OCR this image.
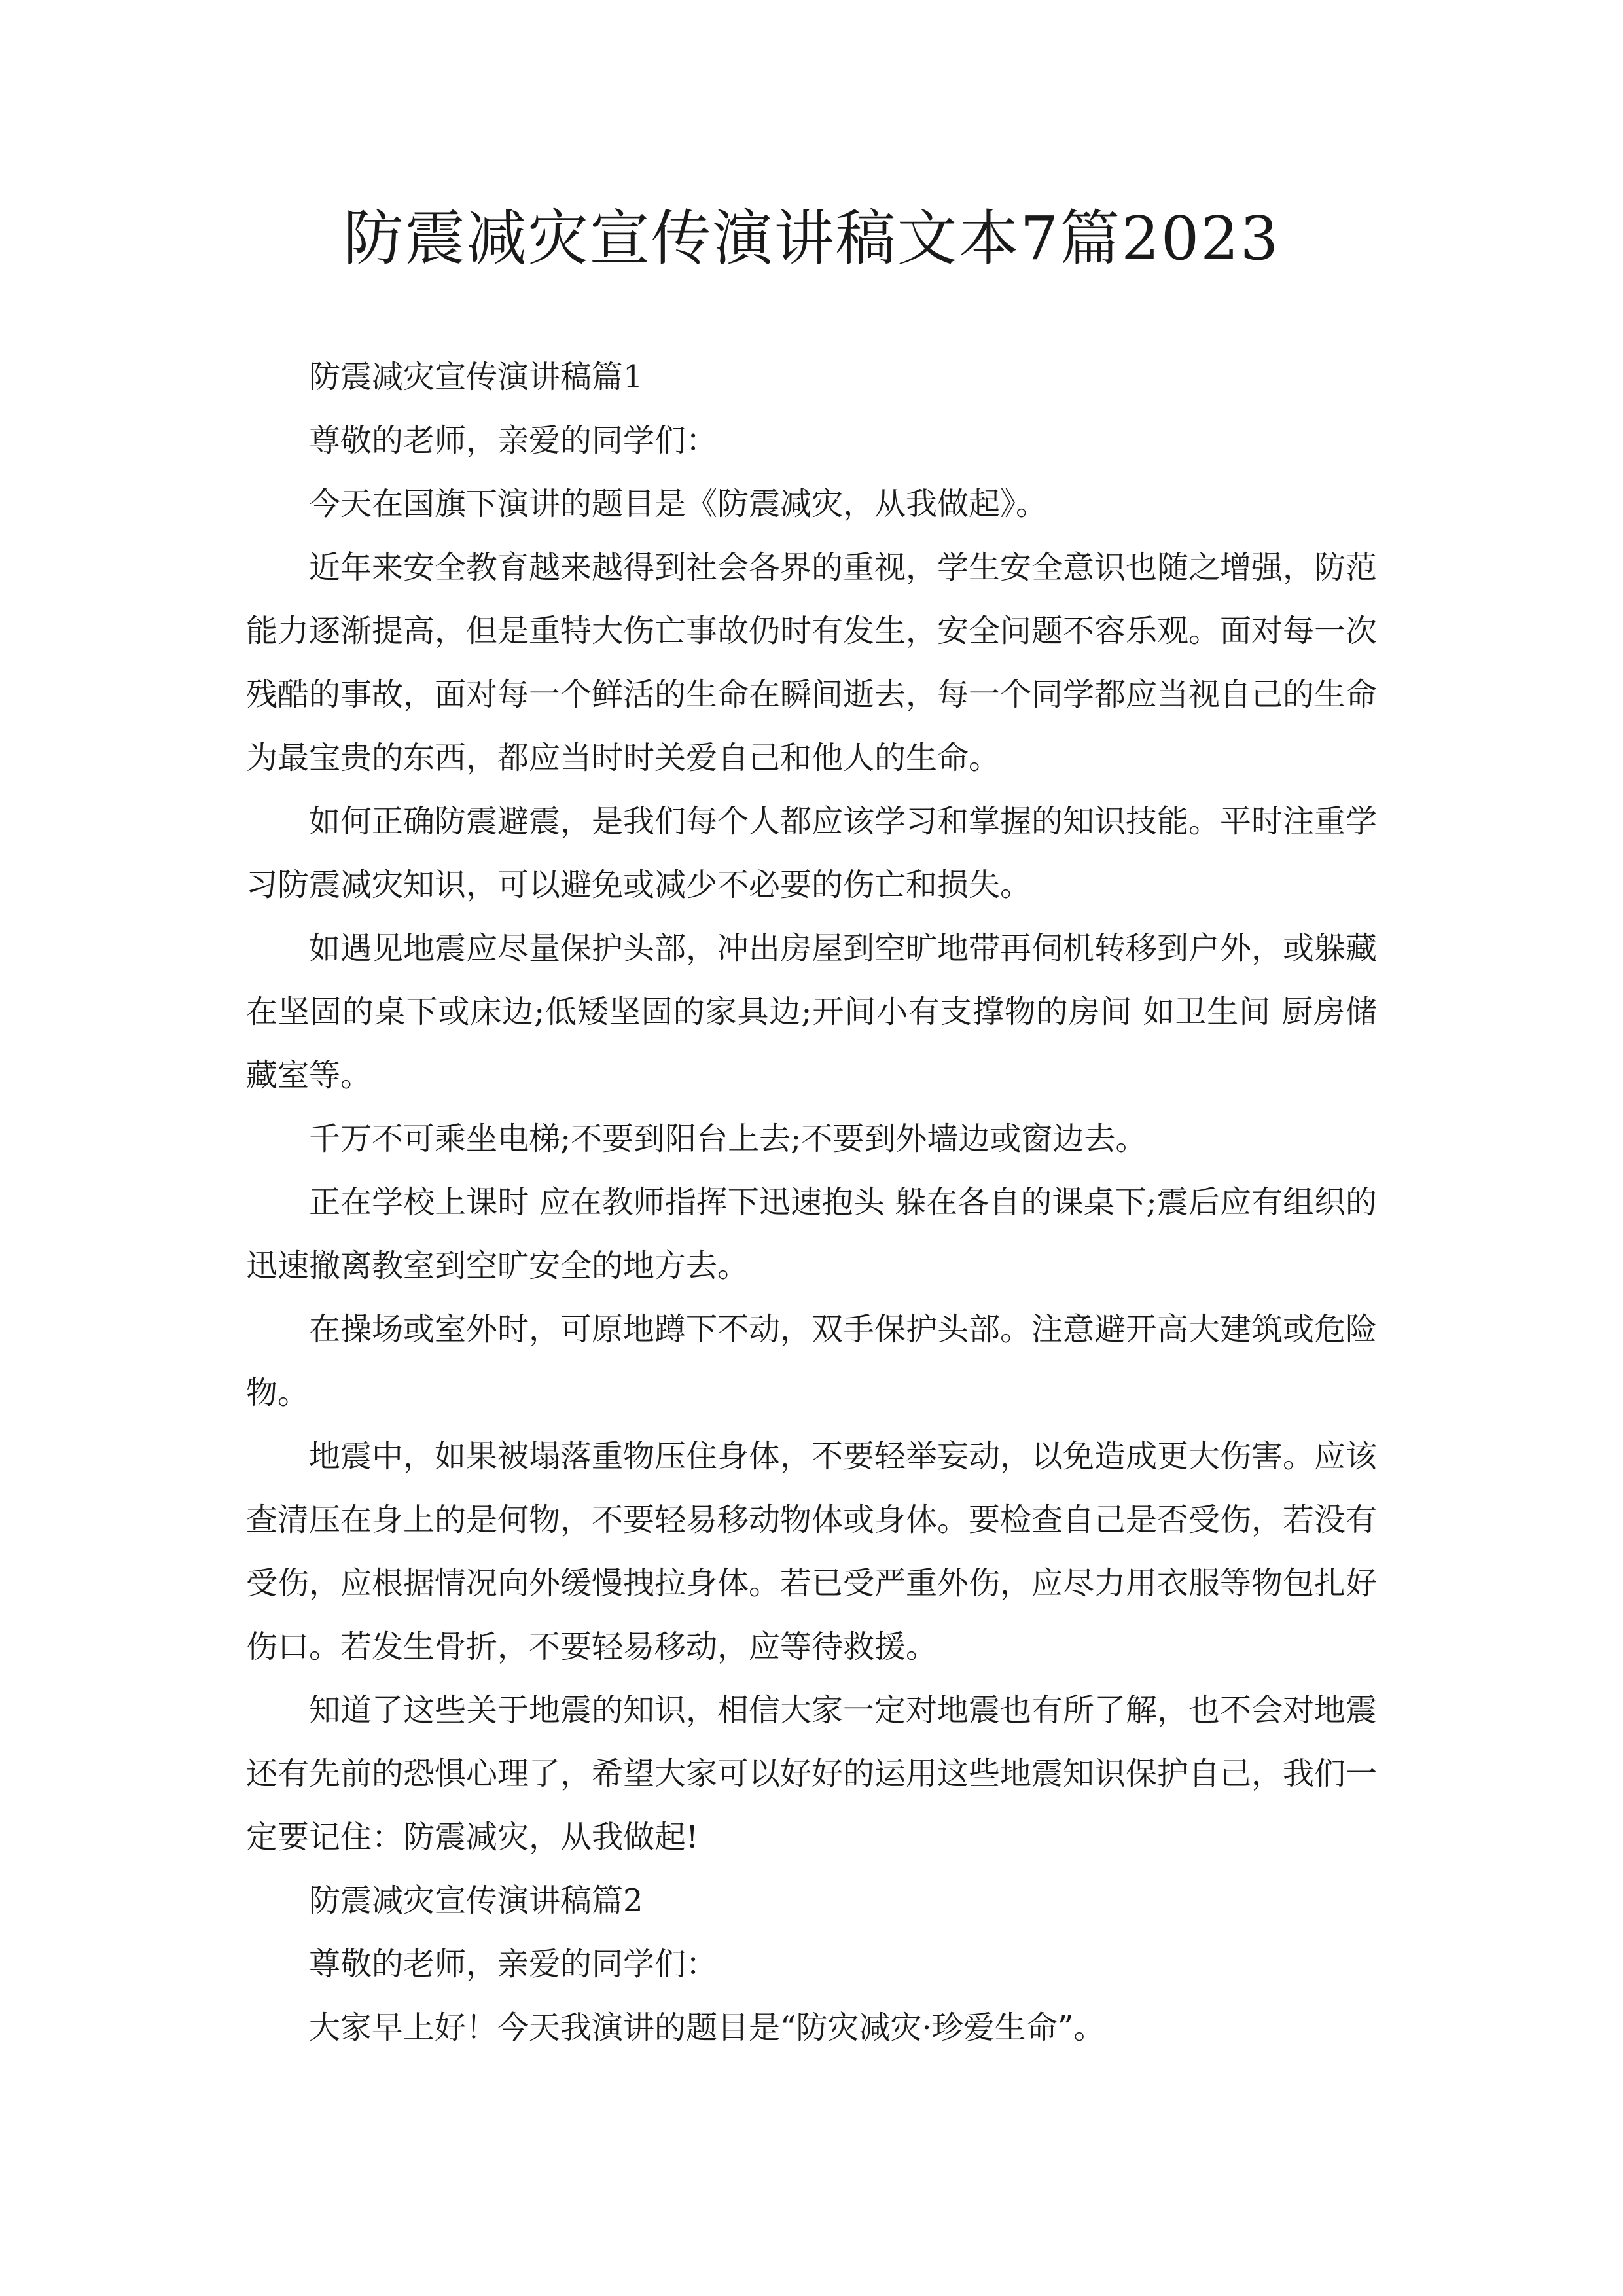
防震减灾宣传演讲稿文本7篇2023

防震减灾宣传演讲稿篇1

尊敬的老师，亲爱的同学们：

今天在国旗下演讲的题目是《防震减灾，从我做起》。

近年来安全教育越来越得到社会各界的重视，学生安全意识也随之增强，防范能力逐渐提高，但是重特大伤亡事故仍时有发生，安全问题不容乐观。面对每一次残酷的事故，面对每一个鲜活的生命在瞬间逝去，每一个同学都应当视自己的生命为最宝贵的东西，都应当时时关爱自己和他人的生命。

如何正确防震避震，是我们每个人都应该学习和掌握的知识技能。平时注重学习防震减灾知识，可以避免或减少不必要的伤亡和损失。

如遇见地震应尽量保护头部，冲出房屋到空旷地带再伺机转移到户外，或躲藏在坚固的桌下或床边;低矮坚固的家具边;开间小有支撑物的房间 如卫生间 厨房储藏室等。

千万不可乘坐电梯;不要到阳台上去;不要到外墙边或窗边去。

正在学校上课时 应在教师指挥下迅速抱头 躲在各自的课桌下;震后应有组织的迅速撤离教室到空旷安全的地方去。

在操场或室外时，可原地蹲下不动，双手保护头部。注意避开高大建筑或危险物。

地震中，如果被塌落重物压住身体，不要轻举妄动，以免造成更大伤害。应该查清压在身上的是何物，不要轻易移动物体或身体。要检查自己是否受伤，若没有受伤，应根据情况向外缓慢拽拉身体。若已受严重外伤，应尽力用衣服等物包扎好伤口。若发生骨折，不要轻易移动，应等待救援。

知道了这些关于地震的知识，相信大家一定对地震也有所了解，也不会对地震还有先前的恐惧心理了，希望大家可以好好的运用这些地震知识保护自己，我们一定要记住：防震减灾，从我做起!

防震减灾宣传演讲稿篇2

尊敬的老师，亲爱的同学们：

大家早上好！今天我演讲的题目是“防灾减灾·珍爱生命”。
